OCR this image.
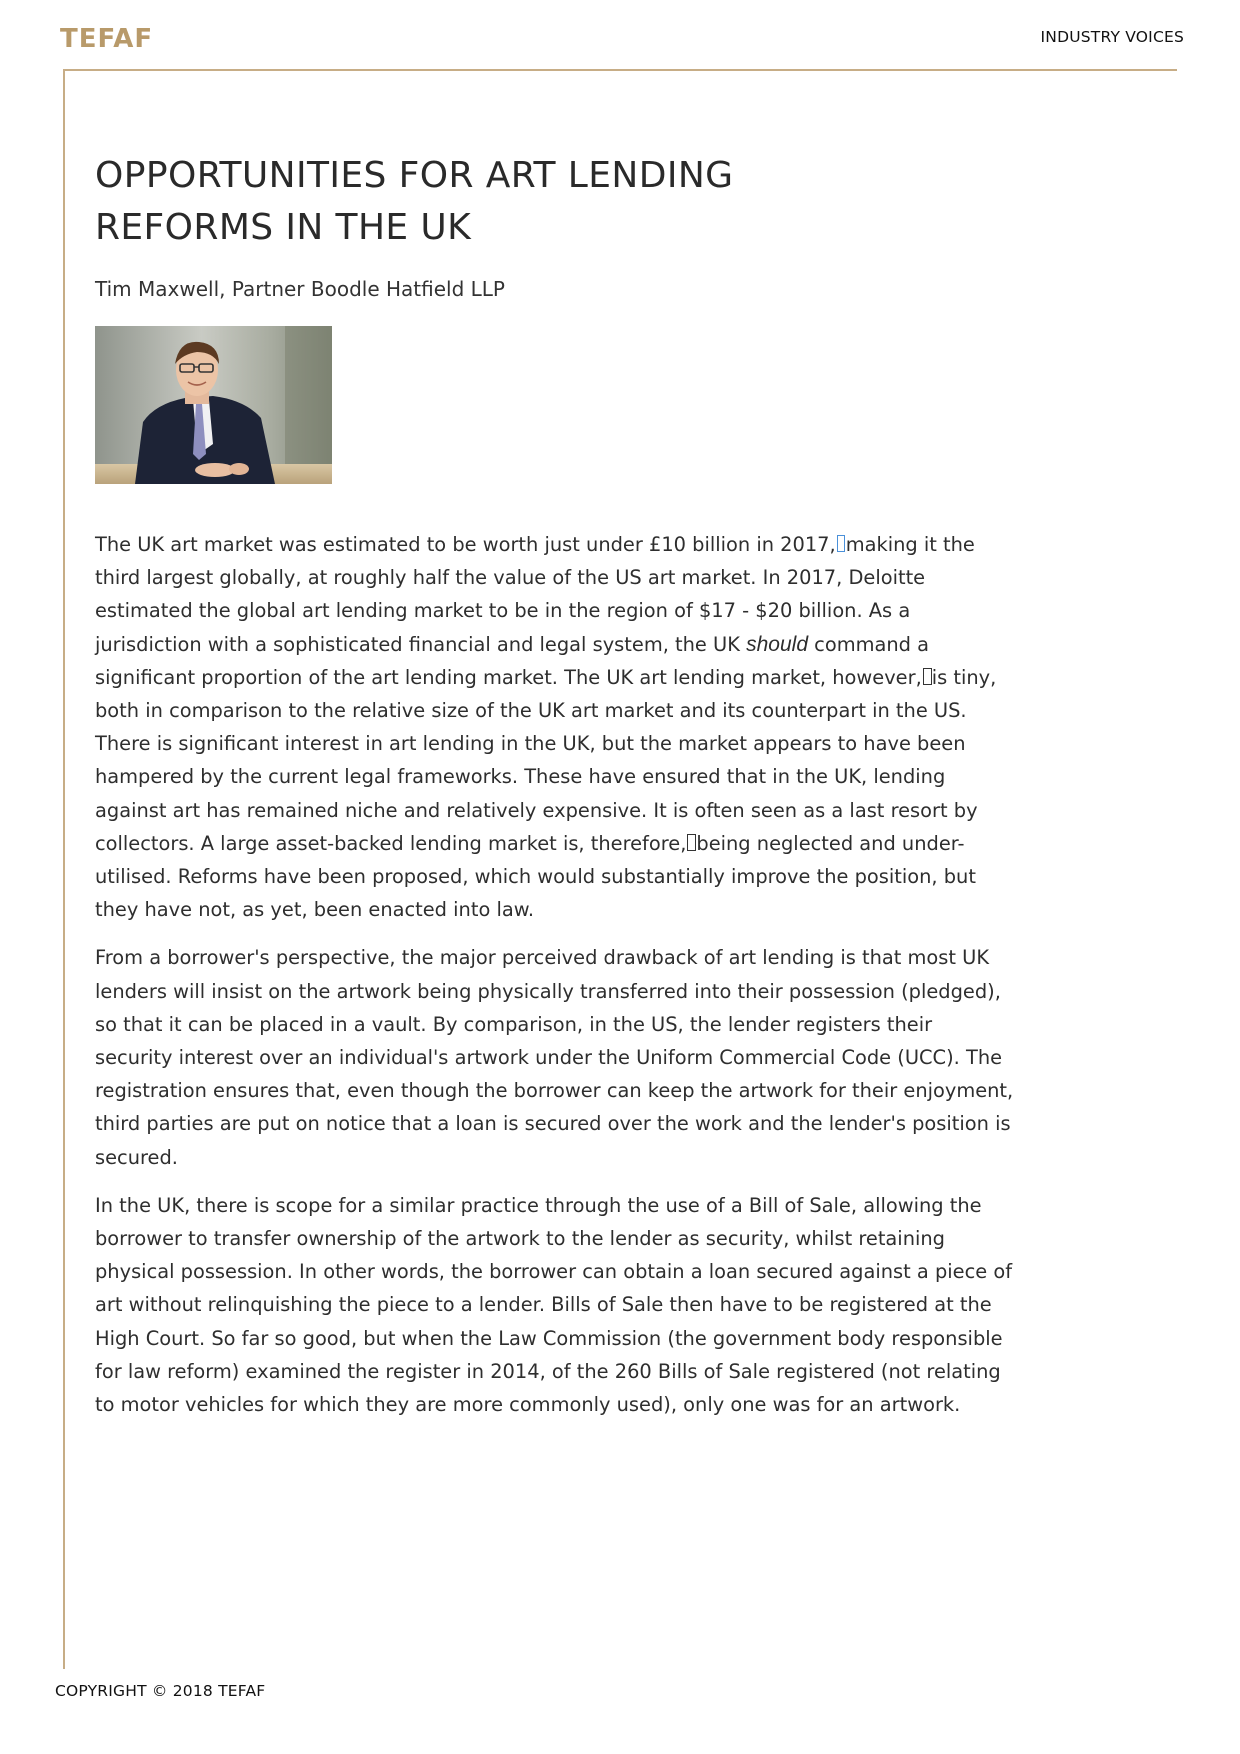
TEFAF	INDUSTRY VOICES
OPPORTUNITIES FOR ART LENDING REFORMS IN THE UK
Tim Maxwell, Partner Boodle Hatfield LLP

The UK art market was estimated to be worth just under £10 billion in 2017, making it the third largest globally, at roughly half the value of the US art market. In 2017, Deloitte estimated the global art lending market to be in the region of $17 - $20 billion. As a jurisdiction with a sophisticated financial and legal system, the UK should command a significant proportion of the art lending market. The UK art lending market, however, is tiny, both in comparison to the relative size of the UK art market and its counterpart in the US. There is significant interest in art lending in the UK, but the market appears to have been hampered by the current legal frameworks. These have ensured that in the UK, lending against art has remained niche and relatively expensive. It is often seen as a last resort by collectors. A large asset-backed lending market is, therefore, being neglected and under-utilised. Reforms have been proposed, which would substantially improve the position, but they have not, as yet, been enacted into law.

From a borrower's perspective, the major perceived drawback of art lending is that most UK lenders will insist on the artwork being physically transferred into their possession (pledged), so that it can be placed in a vault. By comparison, in the US, the lender registers their security interest over an individual's artwork under the Uniform Commercial Code (UCC). The registration ensures that, even though the borrower can keep the artwork for their enjoyment, third parties are put on notice that a loan is secured over the work and the lender's position is secured.

In the UK, there is scope for a similar practice through the use of a Bill of Sale, allowing the borrower to transfer ownership of the artwork to the lender as security, whilst retaining physical possession. In other words, the borrower can obtain a loan secured against a piece of art without relinquishing the piece to a lender. Bills of Sale then have to be registered at the High Court. So far so good, but when the Law Commission (the government body responsible for law reform) examined the register in 2014, of the 260 Bills of Sale registered (not relating to motor vehicles for which they are more commonly used), only one was for an artwork.

COPYRIGHT © 2018 TEFAF
